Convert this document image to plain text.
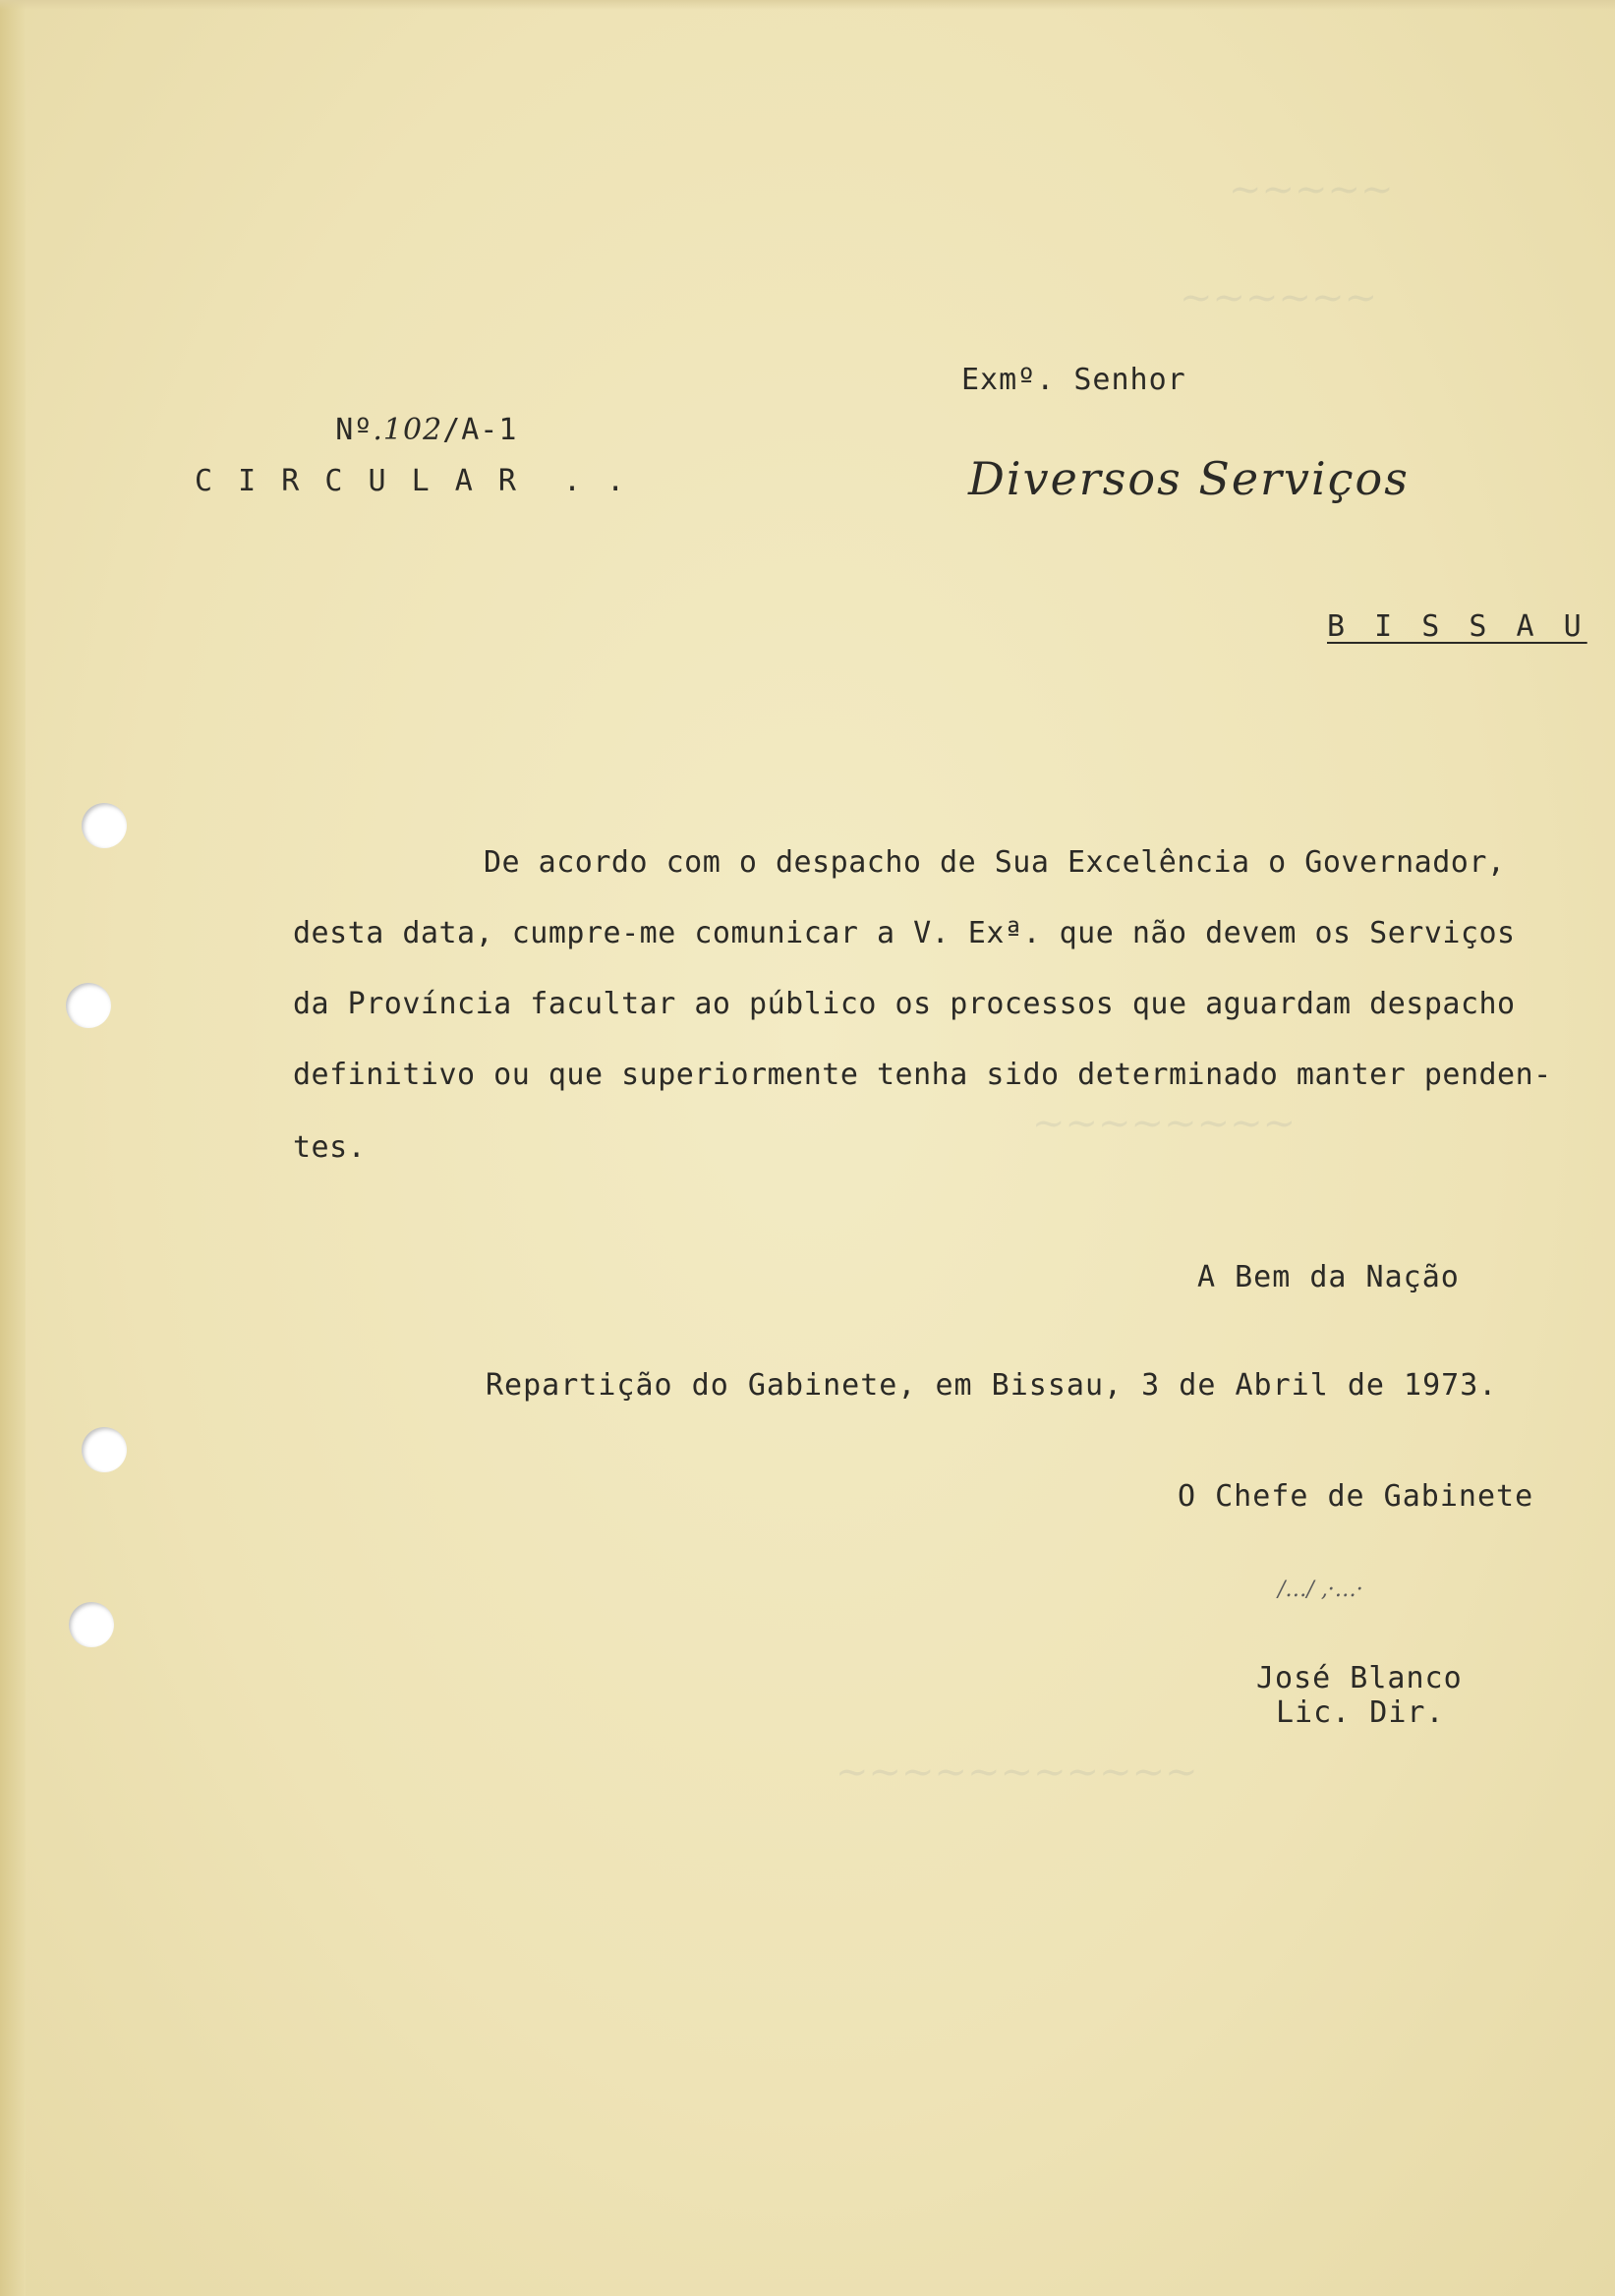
~~~~~
~~~~~~
~~~~~~~~
~~~~~~~~~~~

Nº.102/A-1

C I R C U L A R  . .
Exmº. Senhor
Diversos Serviços
B I S S A U
De acordo com o despacho de Sua Excelência o Governador,
desta data, cumpre-me comunicar a V. Exª. que não devem os Serviços
da Província facultar ao público os processos que aguardam despacho
definitivo ou que superiormente tenha sido determinado manter penden-
tes.
A Bem da Nação
Repartição do Gabinete, em Bissau, 3 de Abril de 1973.
O Chefe de Gabinete
/…/ ,·…·
José Blanco
Lic. Dir.
